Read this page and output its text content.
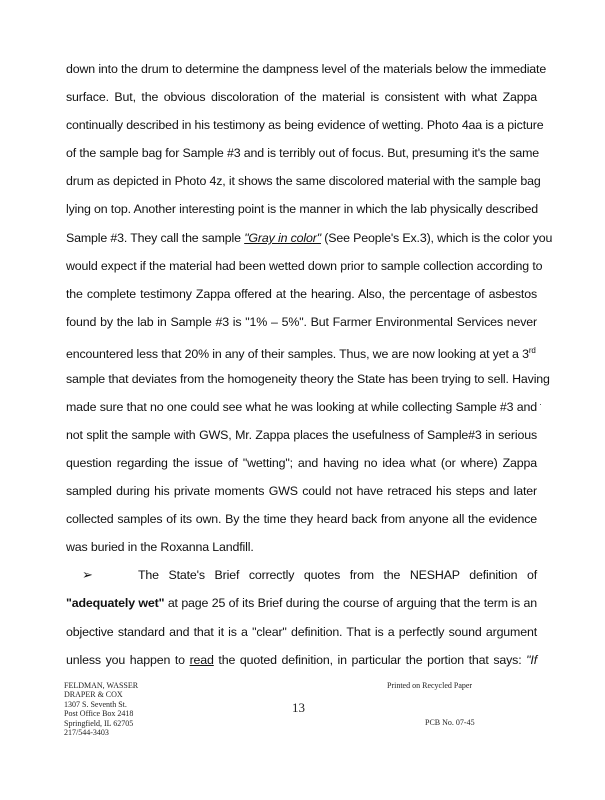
down into the drum to determine the dampness level of the materials below the immediate
surface. But, the obvious discoloration of the material is consistent with what Zappa
continually described in his testimony as being evidence of wetting. Photo 4aa is a picture
of the sample bag for Sample #3 and is terribly out of focus. But, presuming it's the same
drum as depicted in Photo 4z, it shows the same discolored material with the sample bag
lying on top. Another interesting point is the manner in which the lab physically described
Sample #3. They call the sample "Gray in color" (See People's Ex.3), which is the color you
would expect if the material had been wetted down prior to sample collection according to
the complete testimony Zappa offered at the hearing. Also, the percentage of asbestos
found by the lab in Sample #3 is "1% – 5%". But Farmer Environmental Services never
encountered less that 20% in any of their samples. Thus, we are now looking at yet a 3rd
sample that deviates from the homogeneity theory the State has been trying to sell. Having
made sure that no one could see what he was looking at while collecting Sample #3 and
not split the sample with GWS, Mr. Zappa places the usefulness of Sample#3 in serious
question regarding the issue of "wetting"; and having no idea what (or where) Zappa
sampled during his private moments GWS could not have retraced his steps and later
collected samples of its own. By the time they heard back from anyone all the evidence
was buried in the Roxanna Landfill.
➢	The State's Brief correctly quotes from the NESHAP definition of
"adequately wet" at page 25 of its Brief during the course of arguing that the term is an
objective standard and that it is a "clear" definition. That is a perfectly sound argument
unless you happen to read the quoted definition, in particular the portion that says: "If
FELDMAN, WASSER
DRAPER & COX
1307 S. Seventh St.
Post Office Box 2418
Springfield, IL 62705
217/544-3403
13
Printed on Recycled Paper
PCB No. 07-45
